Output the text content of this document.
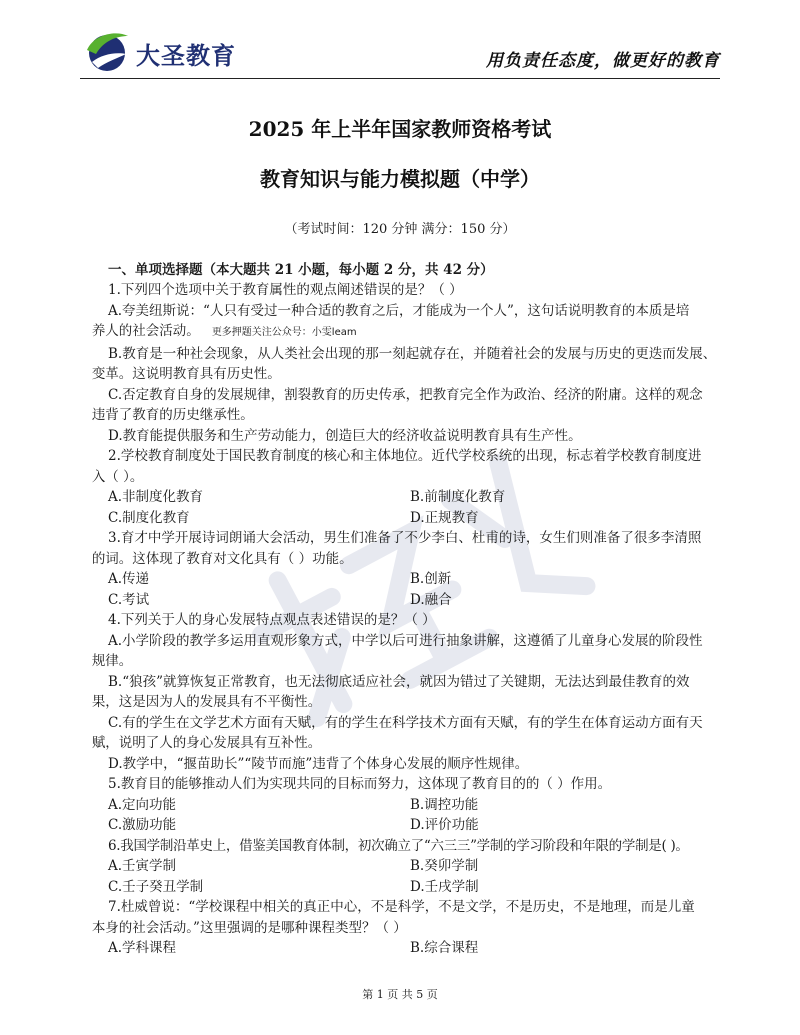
大圣教育	用负责任态度，做更好的教育
2025 年上半年国家教师资格考试
教育知识与能力模拟题（中学）
（考试时间：120 分钟 满分：150 分）
一、单项选择题（本大题共 21 小题，每小题 2 分，共 42 分）
1.下列四个选项中关于教育属性的观点阐述错误的是？（ ）
A.夸美纽斯说：“人只有受过一种合适的教育之后，才能成为一个人”，这句话说明教育的本质是培
养人的社会活动。 更多押题关注公众号：小雯leam
B.教育是一种社会现象，从人类社会出现的那一刻起就存在，并随着社会的发展与历史的更迭而发展、
变革。这说明教育具有历史性。
C.否定教育自身的发展规律，割裂教育的历史传承，把教育完全作为政治、经济的附庸。这样的观念
违背了教育的历史继承性。
D.教育能提供服务和生产劳动能力，创造巨大的经济收益说明教育具有生产性。
2.学校教育制度处于国民教育制度的核心和主体地位。近代学校系统的出现，标志着学校教育制度进
入（ ）。
A.非制度化教育	B.前制度化教育
C.制度化教育	D.正规教育
3.育才中学开展诗词朗诵大会活动，男生们准备了不少李白、杜甫的诗，女生们则准备了很多李清照
的词。这体现了教育对文化具有（ ）功能。
A.传递	B.创新
C.考试	D.融合
4.下列关于人的身心发展特点观点表述错误的是？（ ）
A.小学阶段的教学多运用直观形象方式，中学以后可进行抽象讲解，这遵循了儿童身心发展的阶段性
规律。
B.“狼孩”就算恢复正常教育，也无法彻底适应社会，就因为错过了关键期，无法达到最佳教育的效
果，这是因为人的发展具有不平衡性。
C.有的学生在文学艺术方面有天赋，有的学生在科学技术方面有天赋，有的学生在体育运动方面有天
赋，说明了人的身心发展具有互补性。
D.教学中，“揠苗助长”“陵节而施”违背了个体身心发展的顺序性规律。
5.教育目的能够推动人们为实现共同的目标而努力，这体现了教育目的的（ ）作用。
A.定向功能	B.调控功能
C.激励功能	D.评价功能
6.我国学制沿革史上，借鉴美国教育体制，初次确立了“六三三”学制的学习阶段和年限的学制是( )。
A.壬寅学制	B.癸卯学制
C.壬子癸丑学制	D.壬戌学制
7.杜威曾说：“学校课程中相关的真正中心，不是科学，不是文学，不是历史，不是地理，而是儿童
本身的社会活动。”这里强调的是哪种课程类型？（ ）
A.学科课程	B.综合课程
第 1 页 共 5 页
